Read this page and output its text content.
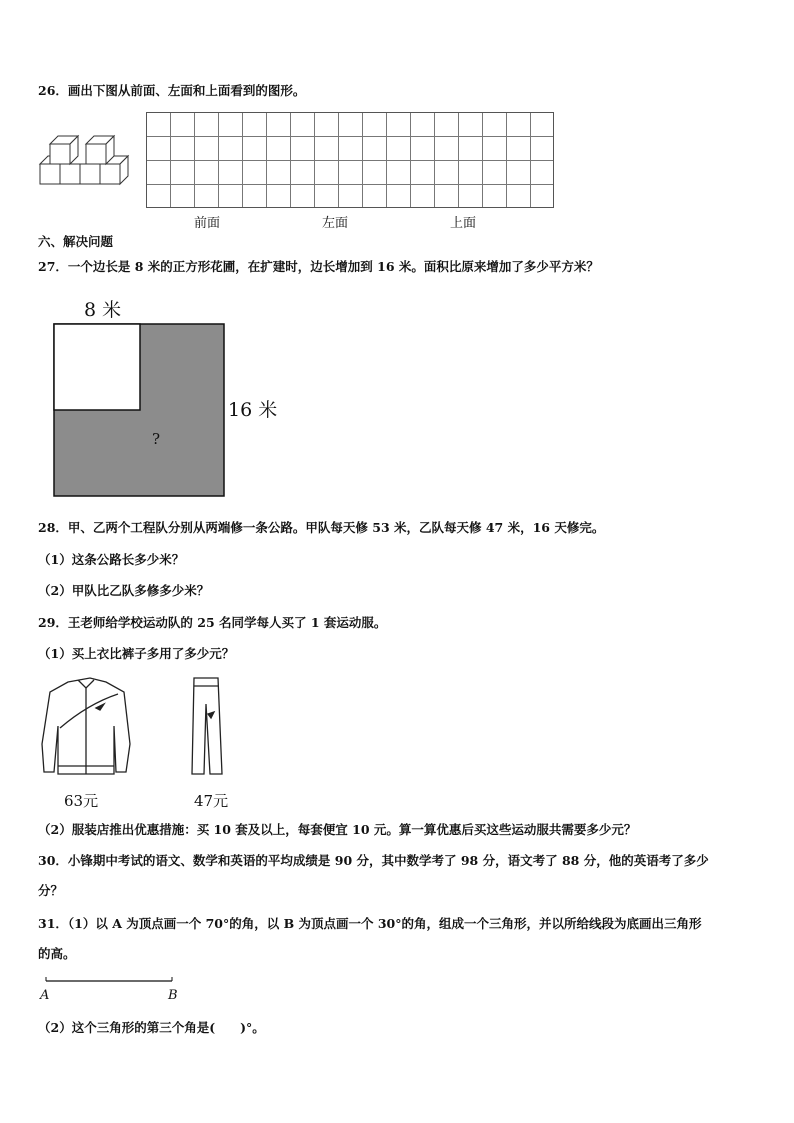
26．画出下图从前面、左面和上面看到的图形。
前面	左面	上面
六、解决问题
27．一个边长是 8 米的正方形花圃，在扩建时，边长增加到 16 米。面积比原来增加了多少平方米？
8 米
16 米
?
28．甲、乙两个工程队分别从两端修一条公路。甲队每天修 53 米，乙队每天修 47 米，16 天修完。
（1）这条公路长多少米？
（2）甲队比乙队多修多少米？
29．王老师给学校运动队的 25 名同学每人买了 1 套运动服。
（1）买上衣比裤子多用了多少元？
63元	47元
（2）服装店推出优惠措施：买 10 套及以上，每套便宜 10 元。算一算优惠后买这些运动服共需要多少元？
30．小锋期中考试的语文、数学和英语的平均成绩是 90 分，其中数学考了 98 分，语文考了 88 分，他的英语考了多少
分？
31．（1）以 A 为顶点画一个 70°的角，以 B 为顶点画一个 30°的角，组成一个三角形，并以所给线段为底画出三角形
的高。
A	B
（2）这个三角形的第三个角是(　　)°。
